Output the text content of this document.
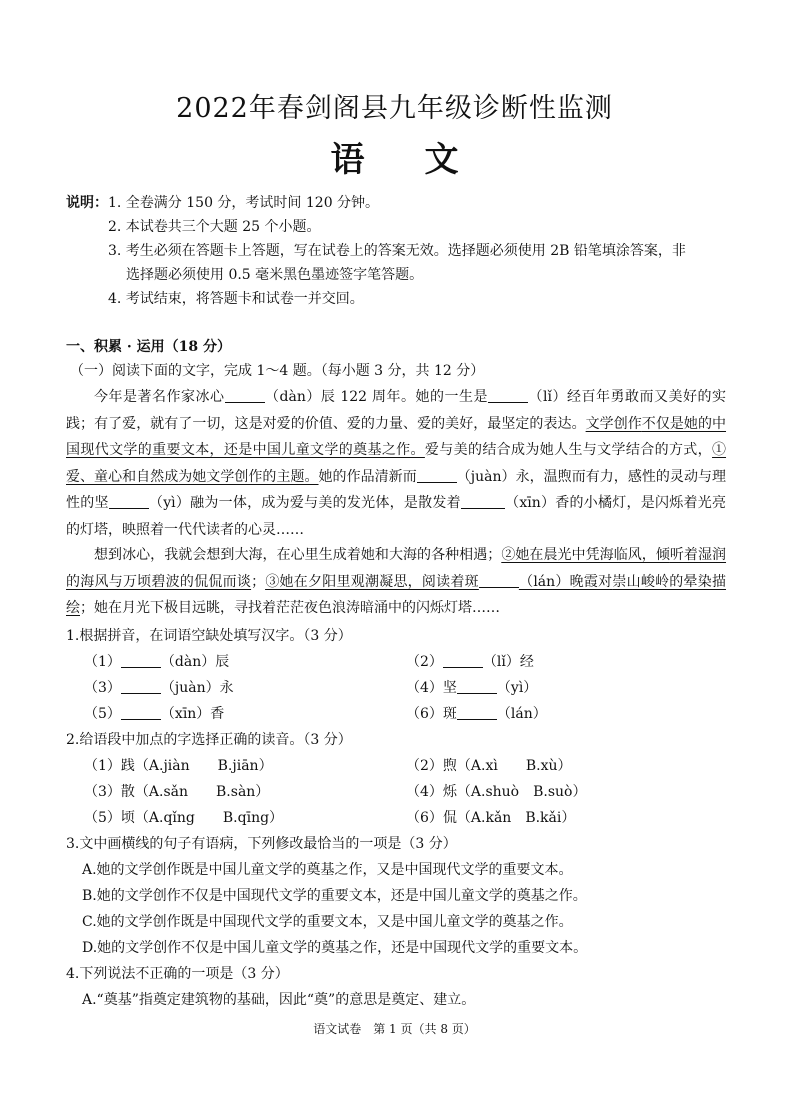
2022年春剑阁县九年级诊断性监测
语文
说明： 1. 全卷满分 150 分，考试时间 120 分钟。
2. 本试卷共三个大题 25 个小题。
3. 考生必须在答题卡上答题，写在试卷上的答案无效。选择题必须使用 2B 铅笔填涂答案，非
选择题必须使用 0.5 毫米黑色墨迹签字笔答题。
4. 考试结束，将答题卡和试卷一并交回。
一、积累 · 运用（18 分）
（一）阅读下面的文字，完成 1～4 题。（每小题 3 分，共 12 分）
今年是著名作家冰心	（dàn）辰 122 周年。她的一生是	（lǐ）经百年勇敢而又美好的实践；有了爱，就有了一切，这是对爱的价值、爱的力量、爱的美好，最坚定的表达。文学创作不仅是她的中国现代文学的重要文本，还是中国儿童文学的奠基之作。爱与美的结合成为她人生与文学结合的方式，①爱、童心和自然成为她文学创作的主题。她的作品清新而	（juàn）永，温煦而有力，感性的灵动与理性的坚	（yì）融为一体，成为爱与美的发光体，是散发着	（xīn）香的小橘灯，是闪烁着光亮的灯塔，映照着一代代读者的心灵……
想到冰心，我就会想到大海，在心里生成着她和大海的各种相遇；②她在晨光中凭海临风，倾听着湿润的海风与万顷碧波的侃侃而谈；③她在夕阳里观潮凝思，阅读着斑	（lán）晚霞对崇山峻岭的晕染描绘；她在月光下极目远眺，寻找着茫茫夜色浪涛暗涌中的闪烁灯塔……
1.根据拼音，在词语空缺处填写汉字。（3 分）
（1）	（dàn）辰	（2）	（lǐ）经
（3）	（juàn）永	（4）坚	（yì）
（5）	（xīn）香	（6）斑	（lán）
2.给语段中加点的字选择正确的读音。（3 分）
（1）践（A.jiàn　　B.jiān）	（2）煦（A.xì　　B.xù）
（3）散（A.sǎn　　B.sàn）	（4）烁（A.shuò　B.suò）
（5）顷（A.qǐng　　B.qīng）	（6）侃（A.kǎn　B.kǎi）
3.文中画横线的句子有语病，下列修改最恰当的一项是（3 分）
A.她的文学创作既是中国儿童文学的奠基之作，又是中国现代文学的重要文本。
B.她的文学创作不仅是中国现代文学的重要文本，还是中国儿童文学的奠基之作。
C.她的文学创作既是中国现代文学的重要文本，又是中国儿童文学的奠基之作。
D.她的文学创作不仅是中国儿童文学的奠基之作，还是中国现代文学的重要文本。
4.下列说法不正确的一项是（3 分）
A.“奠基”指奠定建筑物的基础，因此“奠”的意思是奠定、建立。
语文试卷　第 1 页（共 8 页）
